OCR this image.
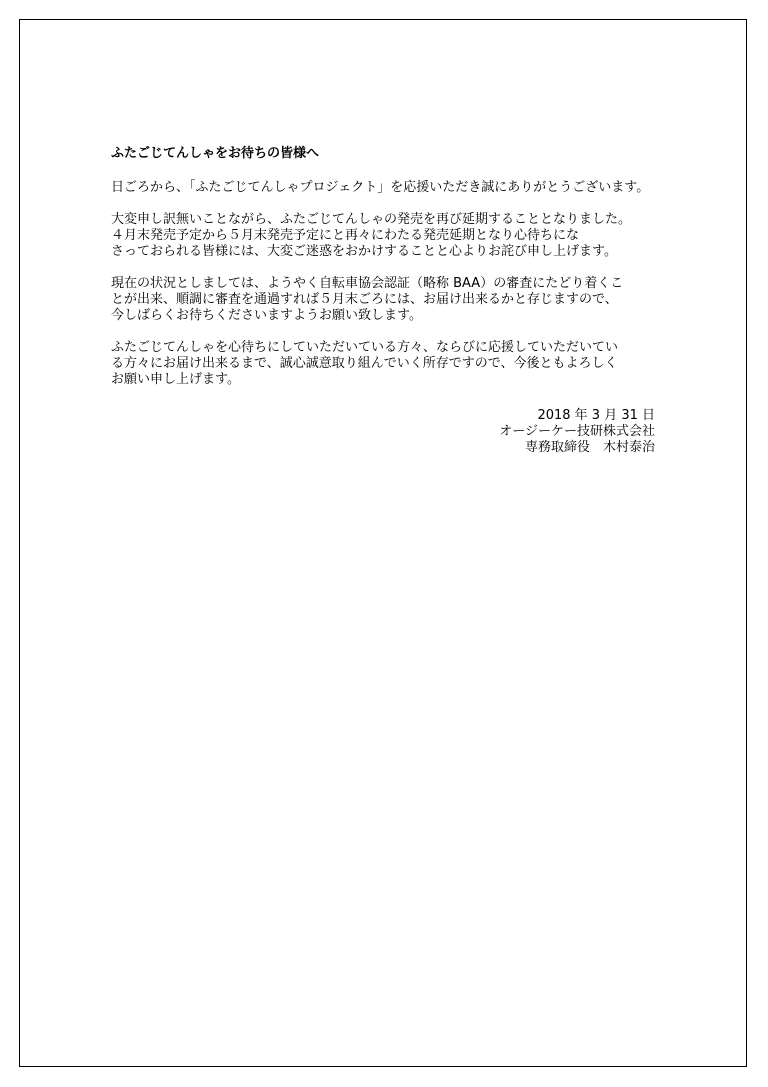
ふたごじてんしゃをお待ちの皆様へ
日ごろから、「ふたごじてんしゃプロジェクト」を応援いただき誠にありがとうございます。
大変申し訳無いことながら、ふたごじてんしゃの発売を再び延期することとなりました。
４月末発売予定から５月末発売予定にと再々にわたる発売延期となり心待ちにな
さっておられる皆様には、大変ご迷惑をおかけすることと心よりお詫び申し上げます。
現在の状況としましては、ようやく自転車協会認証（略称 BAA）の審査にたどり着くこ
とが出来、順調に審査を通過すれば５月末ごろには、お届け出来るかと存じますので、
今しばらくお待ちくださいますようお願い致します。
ふたごじてんしゃを心待ちにしていただいている方々、ならびに応援していただいてい
る方々にお届け出来るまで、誠心誠意取り組んでいく所存ですので、今後ともよろしく
お願い申し上げます。
2018 年 3 月 31 日
オージーケー技研株式会社
専務取締役　木村泰治
